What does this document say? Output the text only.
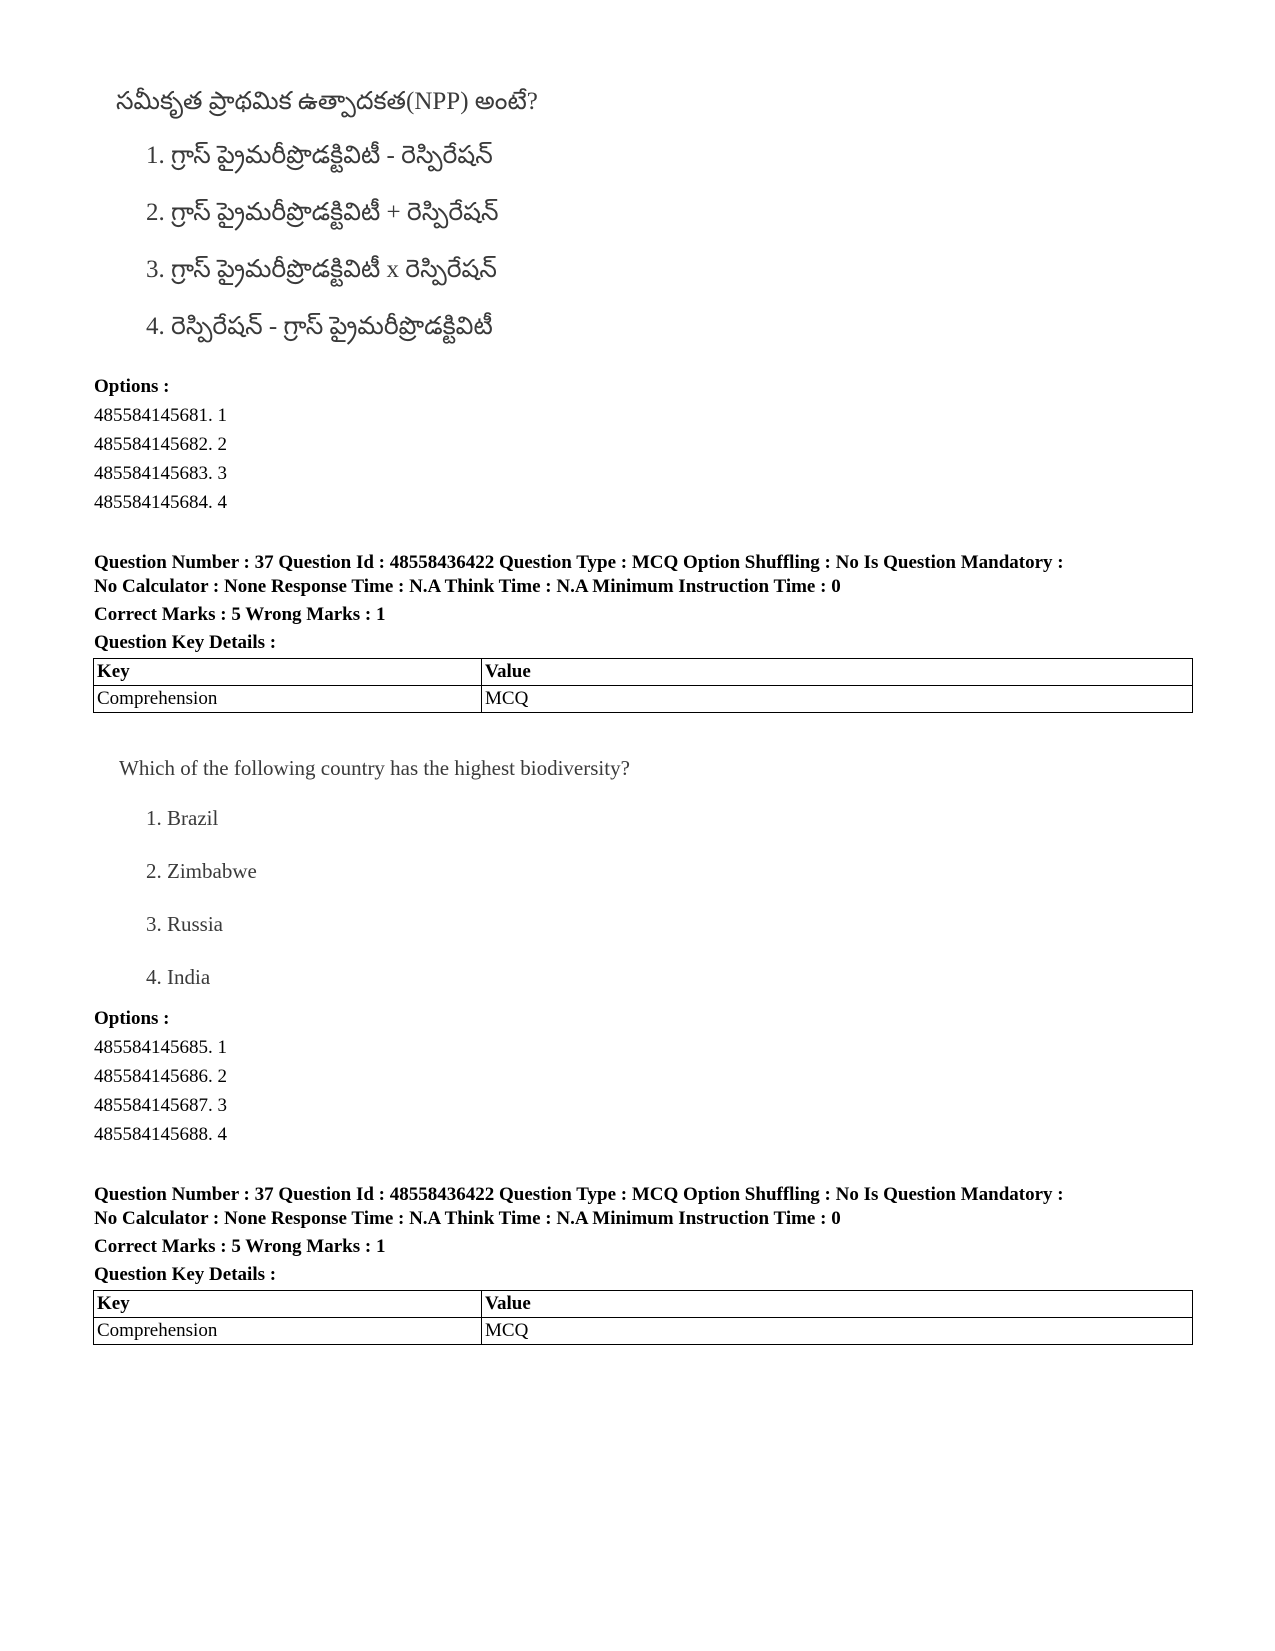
సమీకృత ప్రాథమిక ఉత్పాదకత(NPP) అంటే?
1. గ్రాస్ ప్రైమరీప్రొడక్టివిటీ - రెస్పిరేషన్
2. గ్రాస్ ప్రైమరీప్రొడక్టివిటీ + రెస్పిరేషన్
3. గ్రాస్ ప్రైమరీప్రొడక్టివిటీ x రెస్పిరేషన్
4. రెస్పిరేషన్ - గ్రాస్ ప్రైమరీప్రొడక్టివిటీ
Options :
485584145681. 1
485584145682. 2
485584145683. 3
485584145684. 4
Question Number : 37 Question Id : 48558436422 Question Type : MCQ Option Shuffling : No Is Question Mandatory :
No Calculator : None Response Time : N.A Think Time : N.A Minimum Instruction Time : 0
Correct Marks : 5 Wrong Marks : 1
Question Key Details :
Key	Value
Comprehension	MCQ
Which of the following country has the highest biodiversity?
1. Brazil
2. Zimbabwe
3. Russia
4. India
Options :
485584145685. 1
485584145686. 2
485584145687. 3
485584145688. 4
Question Number : 37 Question Id : 48558436422 Question Type : MCQ Option Shuffling : No Is Question Mandatory :
No Calculator : None Response Time : N.A Think Time : N.A Minimum Instruction Time : 0
Correct Marks : 5 Wrong Marks : 1
Question Key Details :
Key	Value
Comprehension	MCQ
